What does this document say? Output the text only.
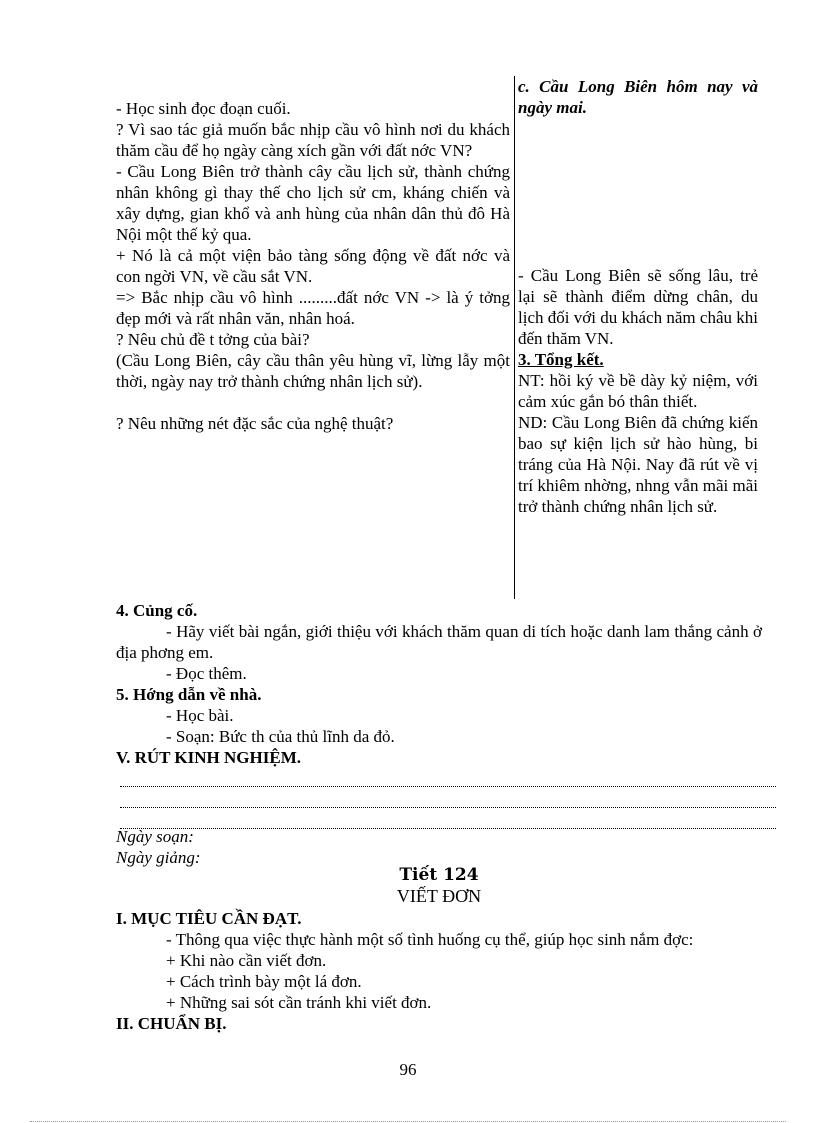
- Học sinh đọc đoạn cuối.

? Vì sao tác giả muốn bắc nhịp cầu vô hình nơi du khách thăm cầu để họ ngày càng xích gần với đất nớc VN?

- Cầu Long Biên trở thành cây cầu lịch sử, thành chứng nhân không gì thay thế cho lịch sử cm, kháng chiến và xây dựng, gian khổ và anh hùng của nhân dân thủ đô Hà Nội một thế kỷ qua.

+ Nó là cả một viện bảo tàng sống động về đất nớc và con ngời VN, về cầu sắt VN.

=> Bắc nhịp cầu vô hình .........đất nớc VN -> là ý tởng đẹp mới và rất nhân văn, nhân hoá.

? Nêu chủ đề t tởng của bài?

(Cầu Long Biên, cây cầu thân yêu hùng vĩ, lừng lẫy một thời, ngày nay trở thành chứng nhân lịch sử).

? Nêu những nét đặc sắc của nghệ thuật?

c. Cầu Long Biên hôm nay và ngày mai.

- Cầu Long Biên sẽ sống lâu, trẻ lại sẽ thành điểm dừng chân, du lịch đối với du khách năm châu khi đến thăm VN.

3. Tổng kết.

NT: hồi ký về bề dày kỷ niệm, với cảm xúc gắn bó thân thiết.

ND: Cầu Long Biên đã chứng kiến bao sự kiện lịch sử hào hùng, bi tráng của Hà Nội. Nay đã rút về vị trí khiêm nhờng, nhng vẫn mãi mãi trở thành chứng nhân lịch sử.

4. Củng cố.

- Hãy viết bài ngắn, giới thiệu với khách thăm quan di tích hoặc danh lam thắng cảnh ở địa phơng em.

- Đọc thêm.

5. Hớng dẫn về nhà.

- Học bài.

- Soạn: Bức th của thủ lĩnh da đỏ.

V. RÚT KINH NGHIỆM.

Ngày soạn:

Ngày giảng:

Tiết 124

VIẾT ĐƠN

I. MỤC TIÊU CẦN ĐẠT.

- Thông qua việc thực hành một số tình huống cụ thể, giúp học sinh nắm đợc:

+ Khi nào cần viết đơn.

+ Cách trình bày một lá đơn.

+ Những sai sót cần tránh khi viết đơn.

II. CHUẨN BỊ.

96
